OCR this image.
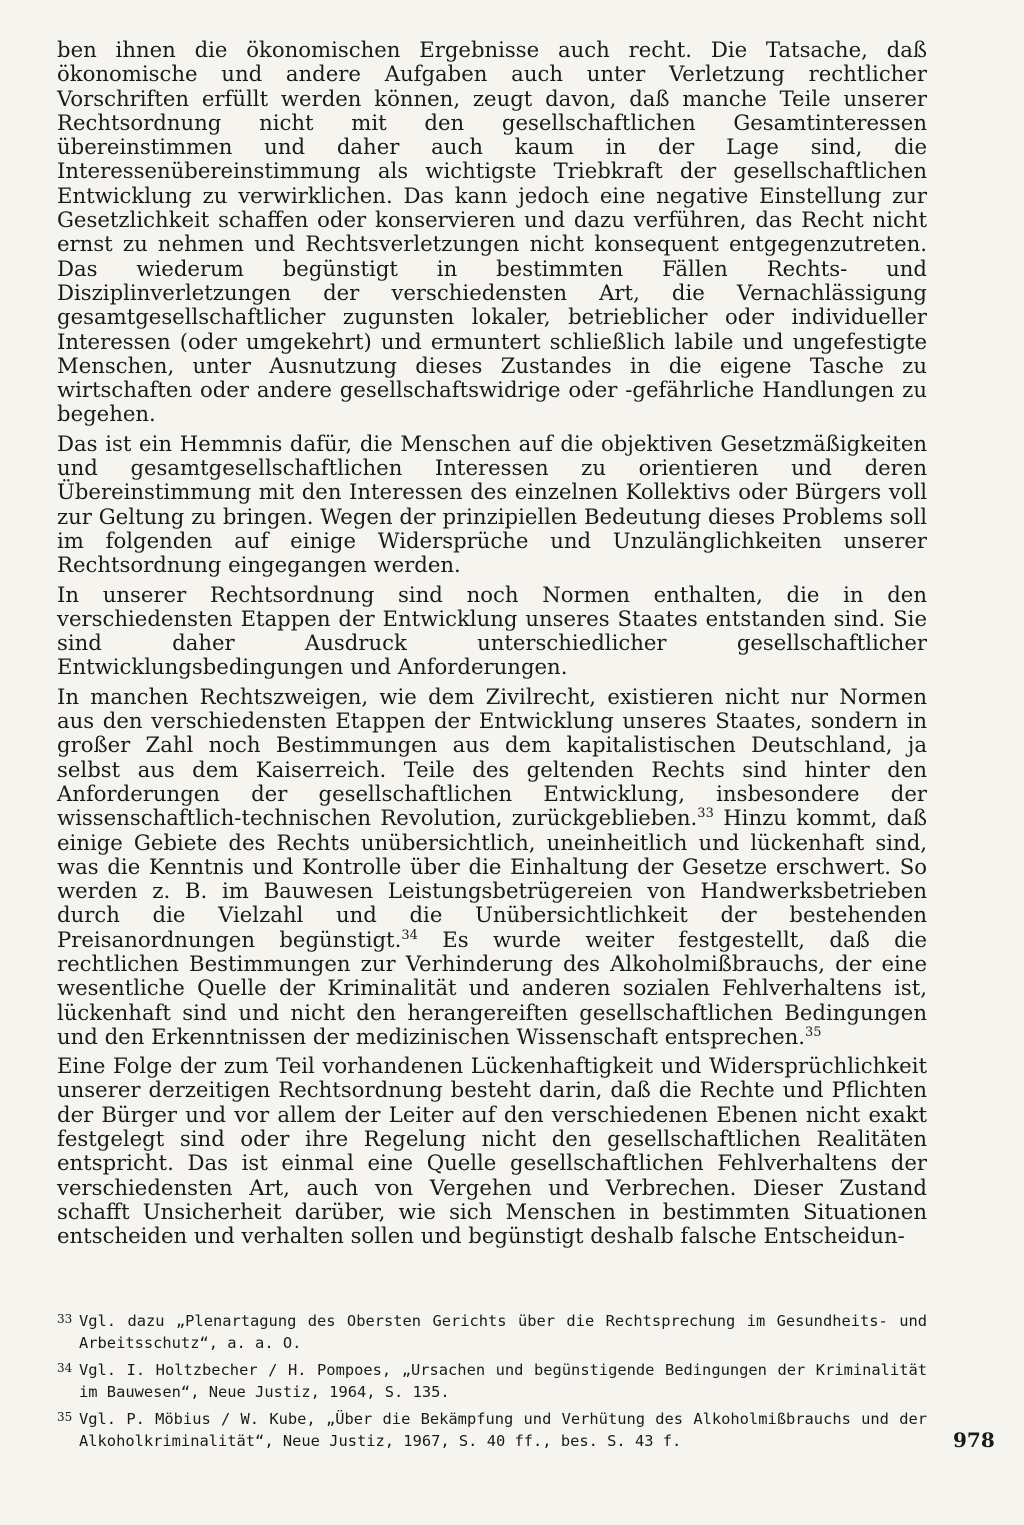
ben ihnen die ökonomischen Ergebnisse auch recht. Die Tatsache, daß ökonomische und andere Aufgaben auch unter Verletzung rechtlicher Vorschriften erfüllt werden können, zeugt davon, daß manche Teile unserer Rechtsordnung nicht mit den gesellschaftlichen Gesamtinteressen übereinstimmen und daher auch kaum in der Lage sind, die Interessenübereinstimmung als wichtigste Triebkraft der gesellschaftlichen Entwicklung zu verwirklichen. Das kann jedoch eine negative Einstellung zur Gesetzlichkeit schaffen oder konservieren und dazu verführen, das Recht nicht ernst zu nehmen und Rechtsverletzungen nicht konsequent entgegenzutreten. Das wiederum begünstigt in bestimmten Fällen Rechts- und Disziplinverletzungen der verschiedensten Art, die Vernachlässigung gesamtgesellschaftlicher zugunsten lokaler, betrieblicher oder individueller Interessen (oder umgekehrt) und ermuntert schließlich labile und ungefestigte Menschen, unter Ausnutzung dieses Zustandes in die eigene Tasche zu wirtschaften oder andere gesellschaftswidrige oder -gefährliche Handlungen zu begehen.

Das ist ein Hemmnis dafür, die Menschen auf die objektiven Gesetzmäßigkeiten und gesamtgesellschaftlichen Interessen zu orientieren und deren Übereinstimmung mit den Interessen des einzelnen Kollektivs oder Bürgers voll zur Geltung zu bringen. Wegen der prinzipiellen Bedeutung dieses Problems soll im folgenden auf einige Widersprüche und Unzulänglichkeiten unserer Rechtsordnung eingegangen werden.

In unserer Rechtsordnung sind noch Normen enthalten, die in den verschiedensten Etappen der Entwicklung unseres Staates entstanden sind. Sie sind daher Ausdruck unterschiedlicher gesellschaftlicher Entwicklungsbedingungen und Anforderungen.

In manchen Rechtszweigen, wie dem Zivilrecht, existieren nicht nur Normen aus den verschiedensten Etappen der Entwicklung unseres Staates, sondern in großer Zahl noch Bestimmungen aus dem kapitalistischen Deutschland, ja selbst aus dem Kaiserreich. Teile des geltenden Rechts sind hinter den Anforderungen der gesellschaftlichen Entwicklung, insbesondere der wissenschaftlich-technischen Revolution, zurückgeblieben.$^{33}$ Hinzu kommt, daß einige Gebiete des Rechts unübersichtlich, uneinheitlich und lückenhaft sind, was die Kenntnis und Kontrolle über die Einhaltung der Gesetze erschwert. So werden z. B. im Bauwesen Leistungsbetrügereien von Handwerksbetrieben durch die Vielzahl und die Unübersichtlichkeit der bestehenden Preisanordnungen begünstigt.$^{34}$ Es wurde weiter festgestellt, daß die rechtlichen Bestimmungen zur Verhinderung des Alkoholmißbrauchs, der eine wesentliche Quelle der Kriminalität und anderen sozialen Fehlverhaltens ist, lückenhaft sind und nicht den herangereiften gesellschaftlichen Bedingungen und den Erkenntnissen der medizinischen Wissenschaft entsprechen.$^{35}$

Eine Folge der zum Teil vorhandenen Lückenhaftigkeit und Widersprüchlichkeit unserer derzeitigen Rechtsordnung besteht darin, daß die Rechte und Pflichten der Bürger und vor allem der Leiter auf den verschiedenen Ebenen nicht exakt festgelegt sind oder ihre Regelung nicht den gesellschaftlichen Realitäten entspricht. Das ist einmal eine Quelle gesellschaftlichen Fehlverhaltens der verschiedensten Art, auch von Vergehen und Verbrechen. Dieser Zustand schafft Unsicherheit darüber, wie sich Menschen in bestimmten Situationen entscheiden und verhalten sollen und begünstigt deshalb falsche Entscheidun-

33 Vgl. dazu „Plenartagung des Obersten Gerichts über die Rechtsprechung im Gesundheits- und Arbeitsschutz“, a. a. O.
34 Vgl. I. Holtzbecher / H. Pompoes, „Ursachen und begünstigende Bedingungen der Kriminalität im Bauwesen“, Neue Justiz, 1964, S. 135.
35 Vgl. P. Möbius / W. Kube, „Über die Bekämpfung und Verhütung des Alkoholmißbrauchs und der Alkoholkriminalität“, Neue Justiz, 1967, S. 40 ff., bes. S. 43 f.	978
